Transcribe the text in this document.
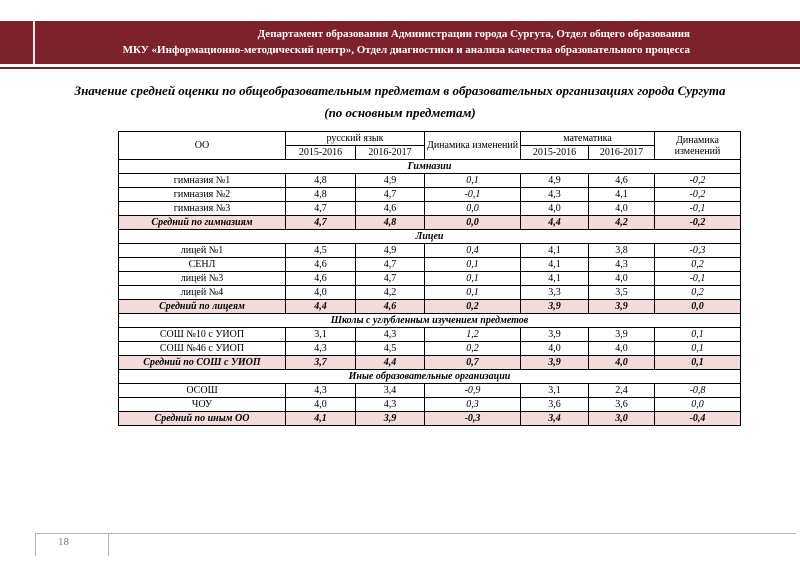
Департамент образования Администрации города Сургута, Отдел общего образования
МКУ «Информационно-методический центр», Отдел диагностики и анализа качества образовательного процесса
Значение средней оценки по общеобразовательным предметам в образовательных организациях города Сургута
(по основным предметам)
ОО	русский язык		Динамика изменений	математика		Динамика изменений
	2015-2016	2016-2017		2015-2016	2016-2017	
Гимназии						
гимназия №1	4,8	4,9	0,1	4,9	4,6	-0,2
гимназия №2	4,8	4,7	-0,1	4,3	4,1	-0,2
гимназия №3	4,7	4,6	0,0	4,0	4,0	-0,1
Средний по гимназиям	4,7	4,8	0,0	4,4	4,2	-0,2
Лицеи						
лицей №1	4,5	4,9	0,4	4,1	3,8	-0,3
СЕНЛ	4,6	4,7	0,1	4,1	4,3	0,2
лицей №3	4,6	4,7	0,1	4,1	4,0	-0,1
лицей №4	4,0	4,2	0,1	3,3	3,5	0,2
Средний по лицеям	4,4	4,6	0,2	3,9	3,9	0,0
Школы с углубленным изучением предметов						
СОШ №10 с УИОП	3,1	4,3	1,2	3,9	3,9	0,1
СОШ №46 с УИОП	4,3	4,5	0,2	4,0	4,0	0,1
Средний по СОШ с УИОП	3,7	4,4	0,7	3,9	4,0	0,1
Иные образовательные организации						
ОСОШ	4,3	3,4	-0,9	3,1	2,4	-0,8
ЧОУ	4,0	4,3	0,3	3,6	3,6	0,0
Средний по иным ОО	4,1	3,9	-0,3	3,4	3,0	-0,4
18
